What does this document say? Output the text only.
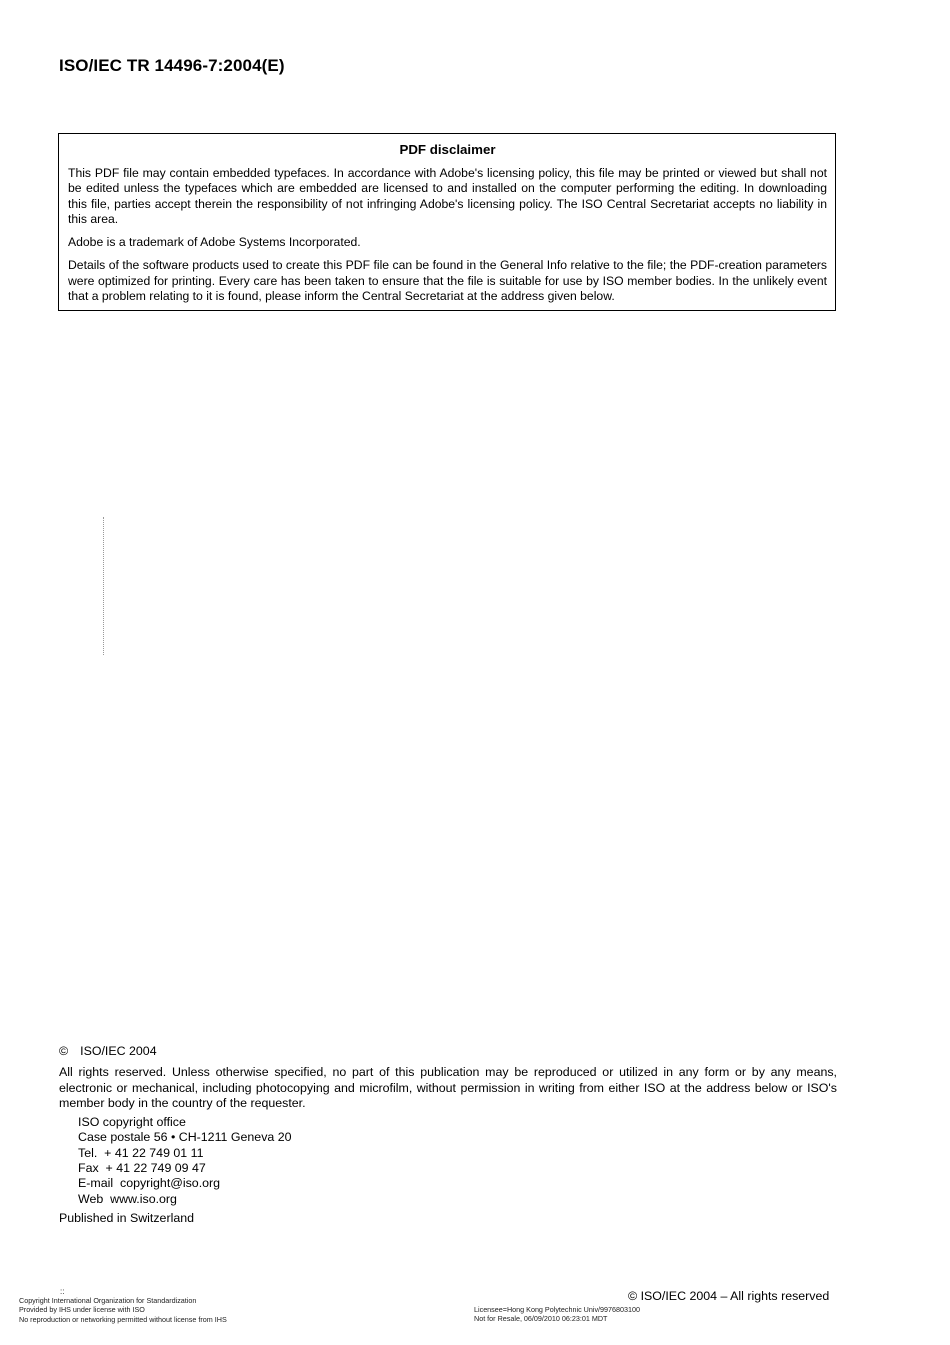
ISO/IEC TR 14496-7:2004(E)
PDF disclaimer

This PDF file may contain embedded typefaces. In accordance with Adobe's licensing policy, this file may be printed or viewed but shall not be edited unless the typefaces which are embedded are licensed to and installed on the computer performing the editing. In downloading this file, parties accept therein the responsibility of not infringing Adobe's licensing policy. The ISO Central Secretariat accepts no liability in this area.

Adobe is a trademark of Adobe Systems Incorporated.

Details of the software products used to create this PDF file can be found in the General Info relative to the file; the PDF-creation parameters were optimized for printing. Every care has been taken to ensure that the file is suitable for use by ISO member bodies. In the unlikely event that a problem relating to it is found, please inform the Central Secretariat at the address given below.

© ISO/IEC 2004

All rights reserved. Unless otherwise specified, no part of this publication may be reproduced or utilized in any form or by any means, electronic or mechanical, including photocopying and microfilm, without permission in writing from either ISO at the address below or ISO's member body in the country of the requester.

ISO copyright office
Case postale 56 • CH-1211 Geneva 20
Tel.  + 41 22 749 01 11
Fax  + 41 22 749 09 47
E-mail  copyright@iso.org
Web  www.iso.org
Published in Switzerland
© ISO/IEC 2004 – All rights reserved
::
Copyright International Organization for Standardization
Provided by IHS under license with ISO
No reproduction or networking permitted without license from IHS
Licensee=Hong Kong Polytechnic Univ/9976803100
Not for Resale, 06/09/2010 06:23:01 MDT
